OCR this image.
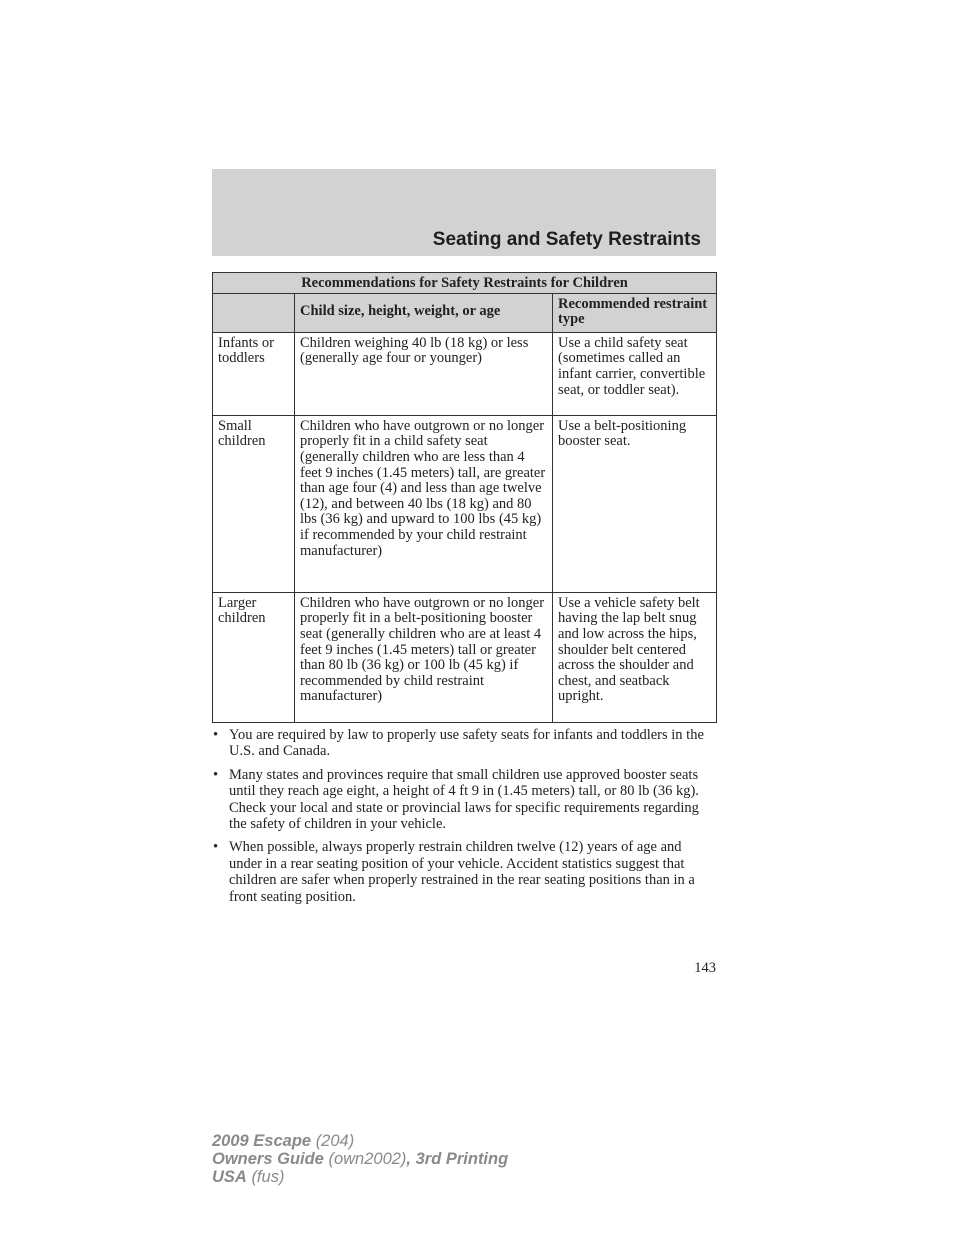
Seating and Safety Restraints
Recommendations for Safety Restraints for Children		
	Child size, height, weight, or age	Recommended restraint type
Infants or toddlers	Children weighing 40 lb (18 kg) or less (generally age four or younger)	Use a child safety seat (sometimes called an infant carrier, convertible seat, or toddler seat).
Small children	Children who have outgrown or no longer properly fit in a child safety seat (generally children who are less than 4 feet 9 inches (1.45 meters) tall, are greater than age four (4) and less than age twelve (12), and between 40 lbs (18 kg) and 80 lbs (36 kg) and upward to 100 lbs (45 kg) if recommended by your child restraint manufacturer)	Use a belt-positioning booster seat.
Larger children	Children who have outgrown or no longer properly fit in a belt-positioning booster seat (generally children who are at least 4 feet 9 inches (1.45 meters) tall or greater than 80 lb (36 kg) or 100 lb (45 kg) if recommended by child restraint manufacturer)	Use a vehicle safety belt having the lap belt snug and low across the hips, shoulder belt centered across the shoulder and chest, and seatback upright.
• You are required by law to properly use safety seats for infants and toddlers in the U.S. and Canada.
• Many states and provinces require that small children use approved booster seats until they reach age eight, a height of 4 ft 9 in (1.45 meters) tall, or 80 lb (36 kg). Check your local and state or provincial laws for specific requirements regarding the safety of children in your vehicle.
• When possible, always properly restrain children twelve (12) years of age and under in a rear seating position of your vehicle. Accident statistics suggest that children are safer when properly restrained in the rear seating positions than in a front seating position.
143
2009 Escape (204)
Owners Guide (own2002), 3rd Printing
USA (fus)
